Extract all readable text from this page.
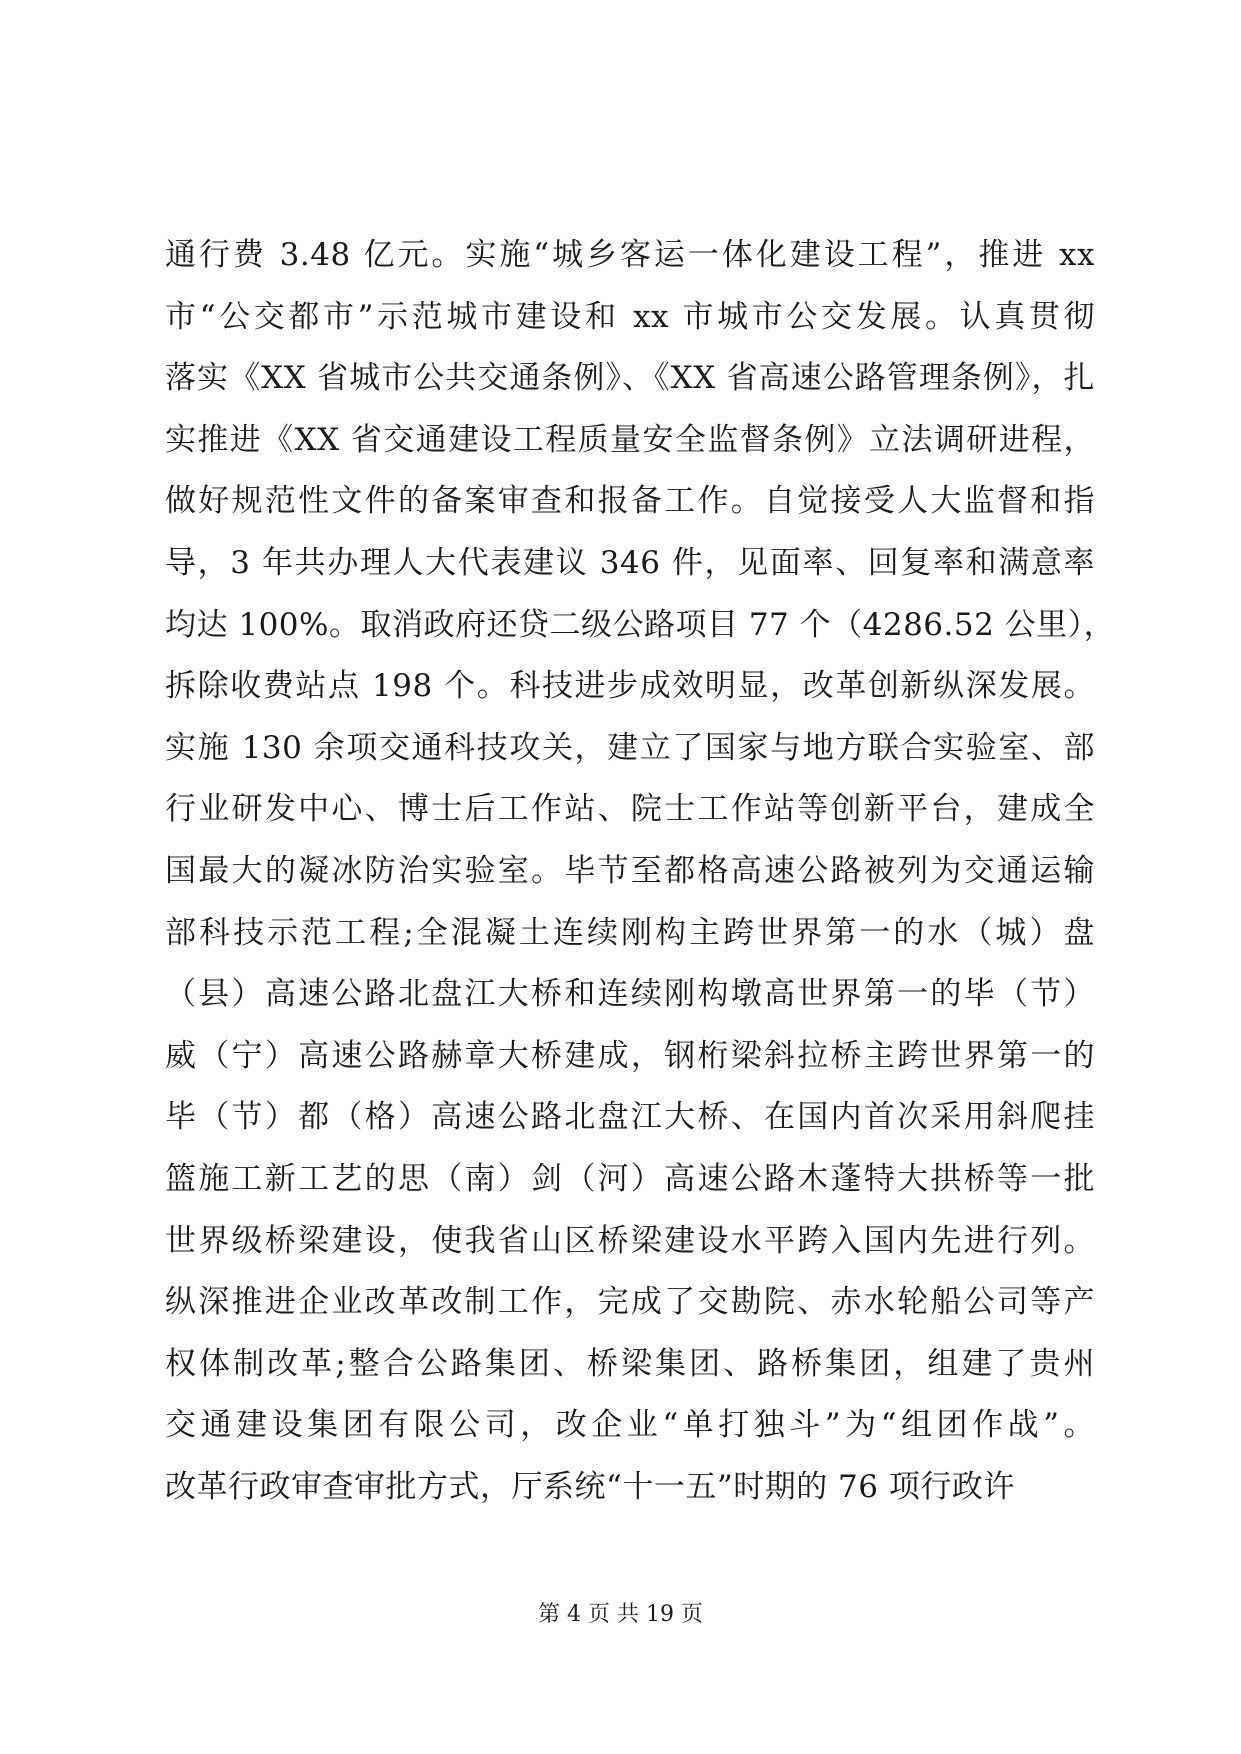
通行费 3.48 亿元。实施“城乡客运一体化建设工程”，推进 xx
市“公交都市”示范城市建设和 xx 市城市公交发展。认真贯彻
落实《XX 省城市公共交通条例》、《XX 省高速公路管理条例》，扎
实推进《XX 省交通建设工程质量安全监督条例》立法调研进程，
做好规范性文件的备案审查和报备工作。自觉接受人大监督和指
导，3 年共办理人大代表建议 346 件，见面率、回复率和满意率
均达 100%。取消政府还贷二级公路项目 77 个（4286.52 公里），
拆除收费站点 198 个。科技进步成效明显，改革创新纵深发展。
实施 130 余项交通科技攻关，建立了国家与地方联合实验室、部
行业研发中心、博士后工作站、院士工作站等创新平台，建成全
国最大的凝冰防治实验室。毕节至都格高速公路被列为交通运输
部科技示范工程;全混凝土连续刚构主跨世界第一的水（城）盘
（县）高速公路北盘江大桥和连续刚构墩高世界第一的毕（节）
威（宁）高速公路赫章大桥建成，钢桁梁斜拉桥主跨世界第一的
毕（节）都（格）高速公路北盘江大桥、在国内首次采用斜爬挂
篮施工新工艺的思（南）剑（河）高速公路木蓬特大拱桥等一批
世界级桥梁建设，使我省山区桥梁建设水平跨入国内先进行列。
纵深推进企业改革改制工作，完成了交勘院、赤水轮船公司等产
权体制改革;整合公路集团、桥梁集团、路桥集团，组建了贵州
交通建设集团有限公司，改企业“单打独斗”为“组团作战”。
改革行政审查审批方式，厅系统“十一五”时期的 76 项行政许
第 4 页 共 19 页
